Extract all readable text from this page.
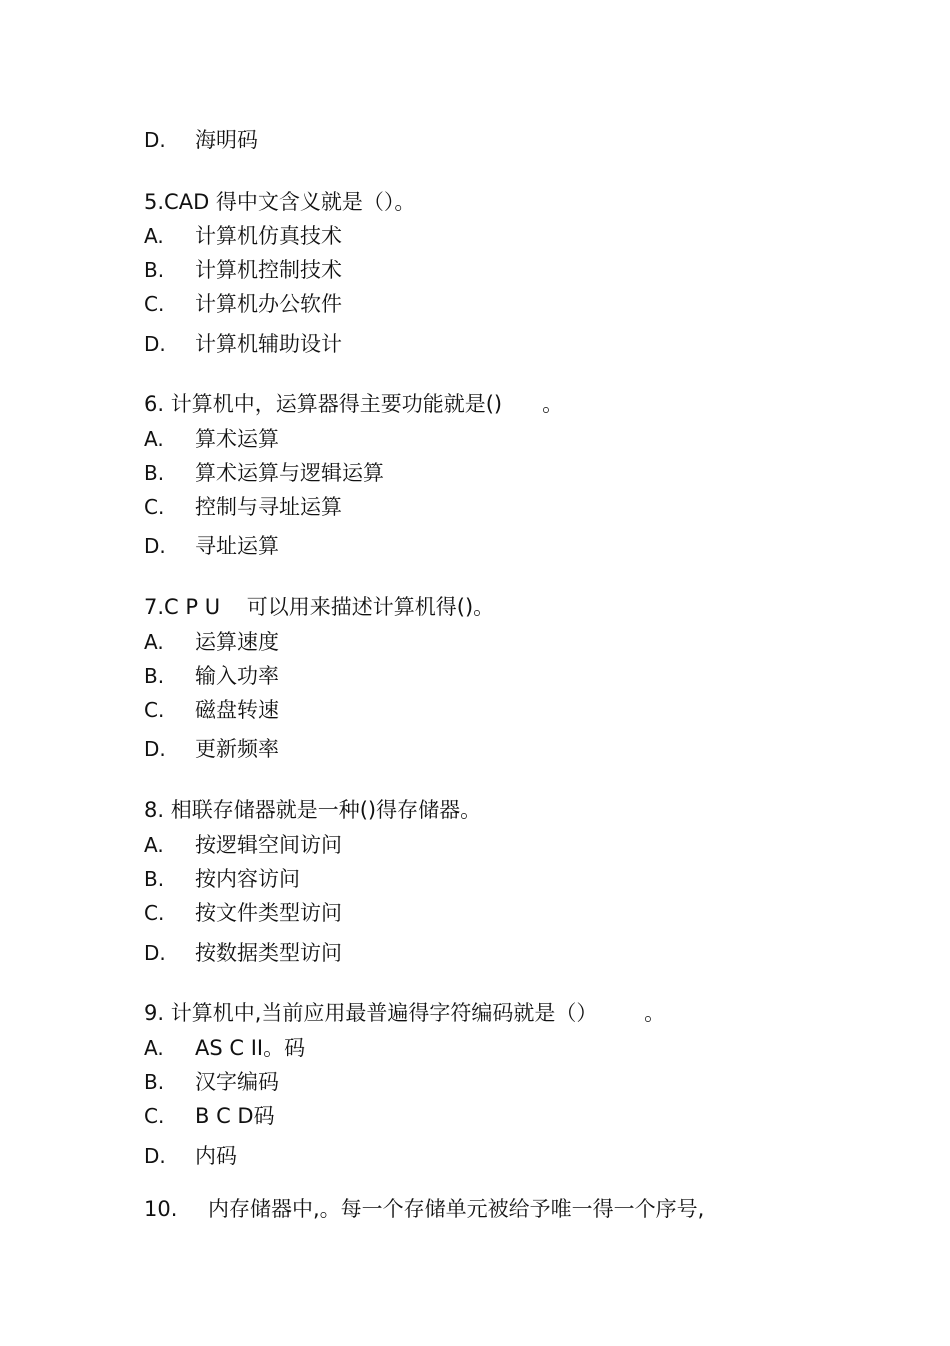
D. 海明码
5.CAD 得中文含义就是（）。
A. 计算机仿真技术
B. 计算机控制技术
C. 计算机办公软件
D. 计算机辅助设计
6. 计算机中，运算器得主要功能就是()      。
A. 算术运算
B. 算术运算与逻辑运算
C. 控制与寻址运算
D. 寻址运算
7.C P U    可以用来描述计算机得()。
A. 运算速度
B. 输入功率
C. 磁盘转速
D. 更新频率
8. 相联存储器就是一种()得存储器。
A. 按逻辑空间访问
B. 按内容访问
C. 按文件类型访问
D. 按数据类型访问
9. 计算机中,当前应用最普遍得字符编码就是（）       。
A. AS C II。码
B. 汉字编码
C. B C D码
D. 内码
10. 内存储器中,。每一个存储单元被给予唯一得一个序号,
